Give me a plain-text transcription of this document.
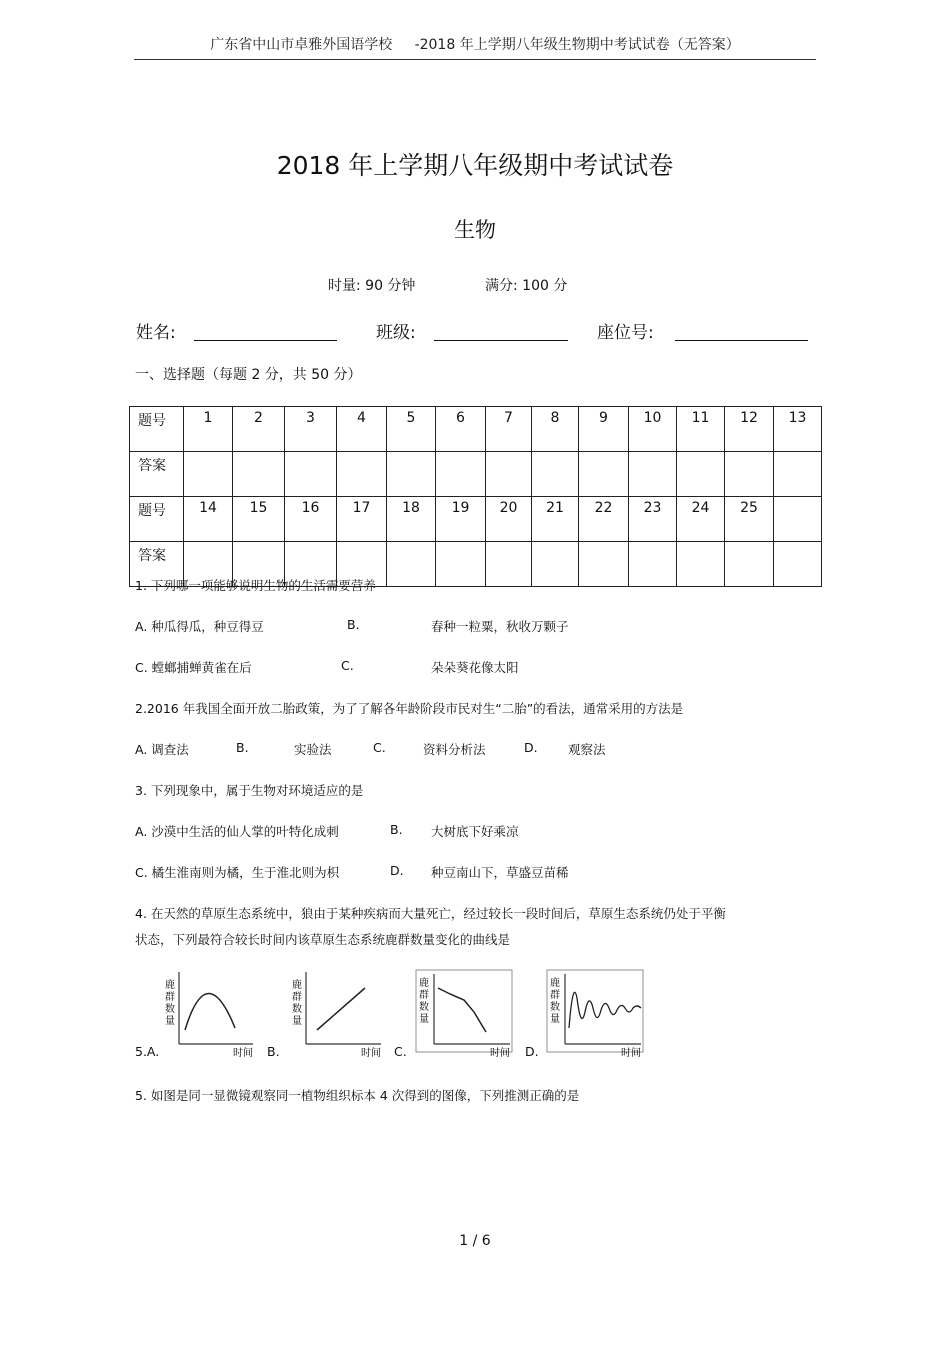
广东省中山市卓雅外国语学校 -2018 年上学期八年级生物期中考试试卷（无答案）
2018 年上学期八年级期中考试试卷
生物
时量: 90 分钟	满分: 100 分
姓名:	班级:	座位号:
一、选择题（每题 2 分，共 50 分）
题号	1	2	3	4	5	6	7	8	9	10	11	12	13
答案													
题号	14	15	16	17	18	19	20	21	22	23	24	25	
答案													
1. 下列哪一项能够说明生物的生活需要营养
A. 种瓜得瓜，种豆得豆	B.	春种一粒粟，秋收万颗子
C. 螳螂捕蝉黄雀在后	C.	朵朵葵花像太阳
2.2016 年我国全面开放二胎政策，为了了解各年龄阶段市民对生“二胎”的看法，通常采用的方法是
A. 调查法	B.	实验法	C.	资料分析法	D. 观察法
3. 下列现象中，属于生物对环境适应的是
A. 沙漠中生活的仙人掌的叶特化成刺	B. 大树底下好乘凉
C. 橘生淮南则为橘，生于淮北则为枳	D. 种豆南山下，草盛豆苗稀
4. 在天然的草原生态系统中，狼由于某种疾病而大量死亡，经过较长一段时间后，草原生态系统仍处于平衡
状态，下列最符合较长时间内该草原生态系统鹿群数量变化的曲线是
鹿
群
数
量
时间
鹿
群
数
量
时间
鹿
群
数
量
时间
鹿
群
数
量
时间
5.A.	B.	C.	D.
5. 如图是同一显微镜观察同一植物组织标本 4 次得到的图像，下列推测正确的是
1 / 6
